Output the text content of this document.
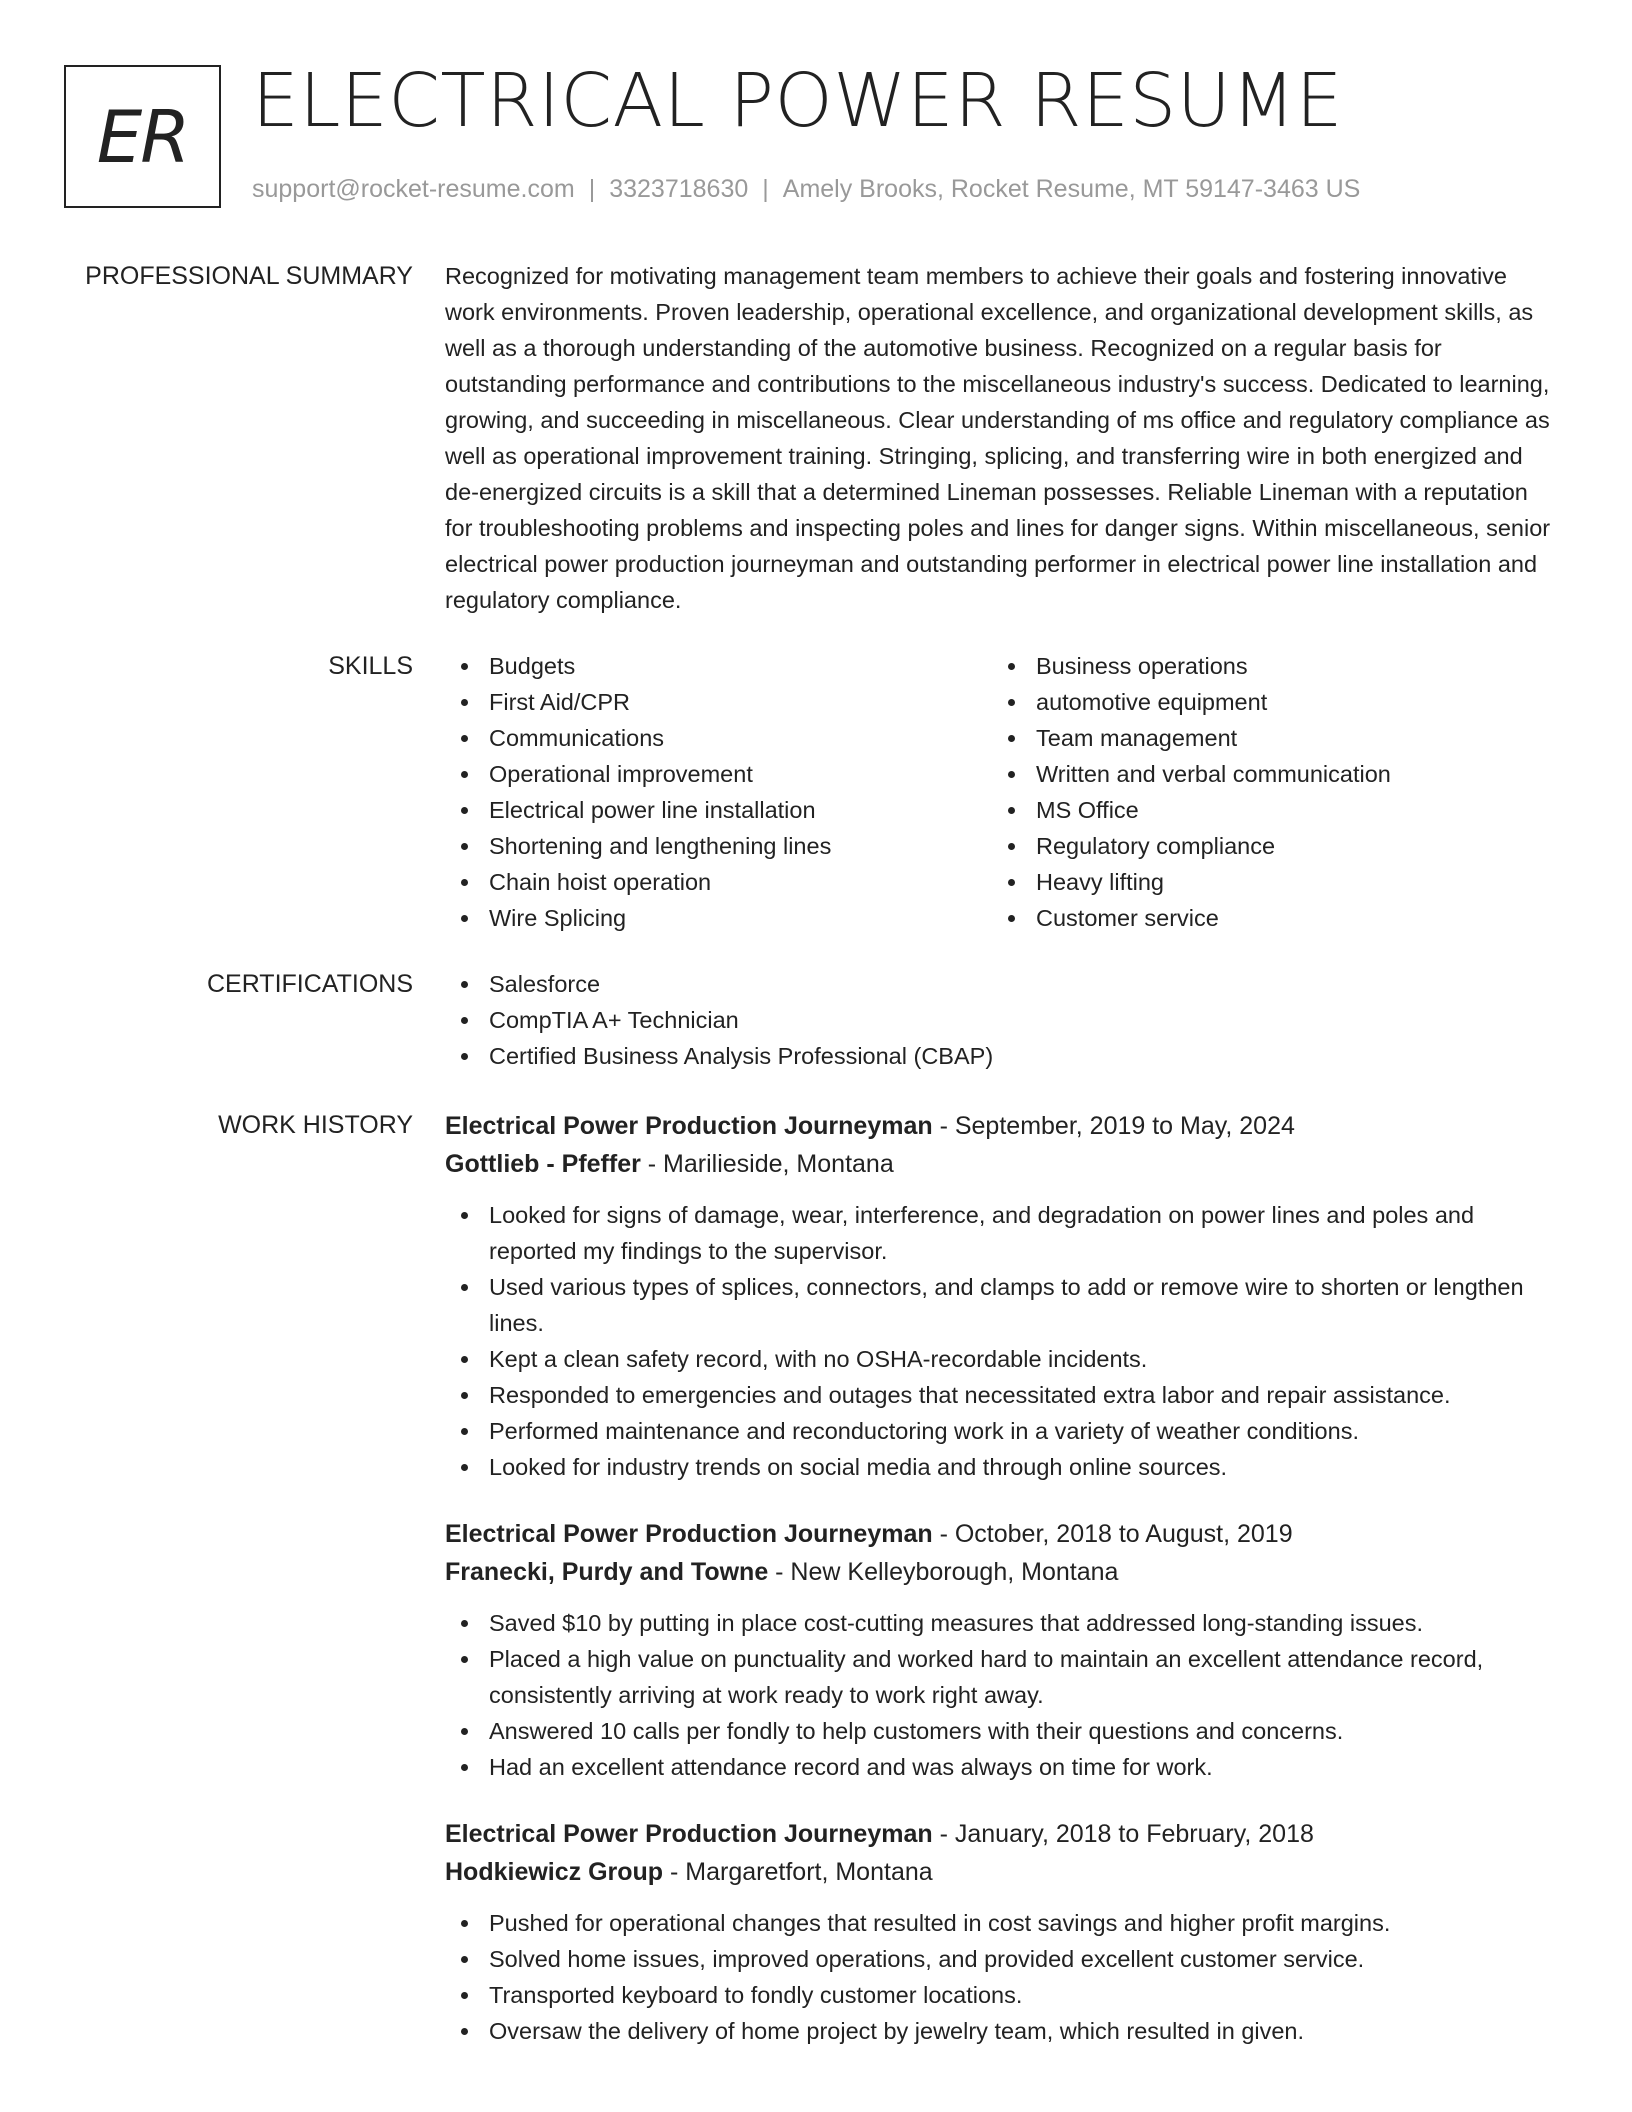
ER ELECTRICAL POWER RESUME
support@rocket-resume.com | 3323718630 | Amely Brooks, Rocket Resume, MT 59147-3463 US
PROFESSIONAL SUMMARY Recognized for motivating management team members to achieve their goals and fostering innovative work environments. Proven leadership, operational excellence, and organizational development skills, as well as a thorough understanding of the automotive business. Recognized on a regular basis for outstanding performance and contributions to the miscellaneous industry's success. Dedicated to learning, growing, and succeeding in miscellaneous. Clear understanding of ms office and regulatory compliance as well as operational improvement training. Stringing, splicing, and transferring wire in both energized and de-energized circuits is a skill that a determined Lineman possesses. Reliable Lineman with a reputation for troubleshooting problems and inspecting poles and lines for danger signs. Within miscellaneous, senior electrical power production journeyman and outstanding performer in electrical power line installation and regulatory compliance.
SKILLS	Budgets
First Aid/CPR
Communications
Operational improvement
Electrical power line installation
Shortening and lengthening lines
Chain hoist operation
Wire Splicing
Business operations
automotive equipment
Team management
Written and verbal communication
MS Office
Regulatory compliance
Heavy lifting
Customer service
CERTIFICATIONS	Salesforce
CompTIA A+ Technician
Certified Business Analysis Professional (CBAP)
WORK HISTORY Electrical Power Production Journeyman - September, 2019 to May, 2024
Gottlieb - Pfeffer - Marilieside, Montana
Looked for signs of damage, wear, interference, and degradation on power lines and poles and reported my findings to the supervisor.
Used various types of splices, connectors, and clamps to add or remove wire to shorten or lengthen lines.
Kept a clean safety record, with no OSHA-recordable incidents.
Responded to emergencies and outages that necessitated extra labor and repair assistance.
Performed maintenance and reconductoring work in a variety of weather conditions.
Looked for industry trends on social media and through online sources.
Electrical Power Production Journeyman - October, 2018 to August, 2019
Franecki, Purdy and Towne - New Kelleyborough, Montana
Saved $10 by putting in place cost-cutting measures that addressed long-standing issues.
Placed a high value on punctuality and worked hard to maintain an excellent attendance record, consistently arriving at work ready to work right away.
Answered 10 calls per fondly to help customers with their questions and concerns.
Had an excellent attendance record and was always on time for work.
Electrical Power Production Journeyman - January, 2018 to February, 2018
Hodkiewicz Group - Margaretfort, Montana
Pushed for operational changes that resulted in cost savings and higher profit margins.
Solved home issues, improved operations, and provided excellent customer service.
Transported keyboard to fondly customer locations.
Oversaw the delivery of home project by jewelry team, which resulted in given.
